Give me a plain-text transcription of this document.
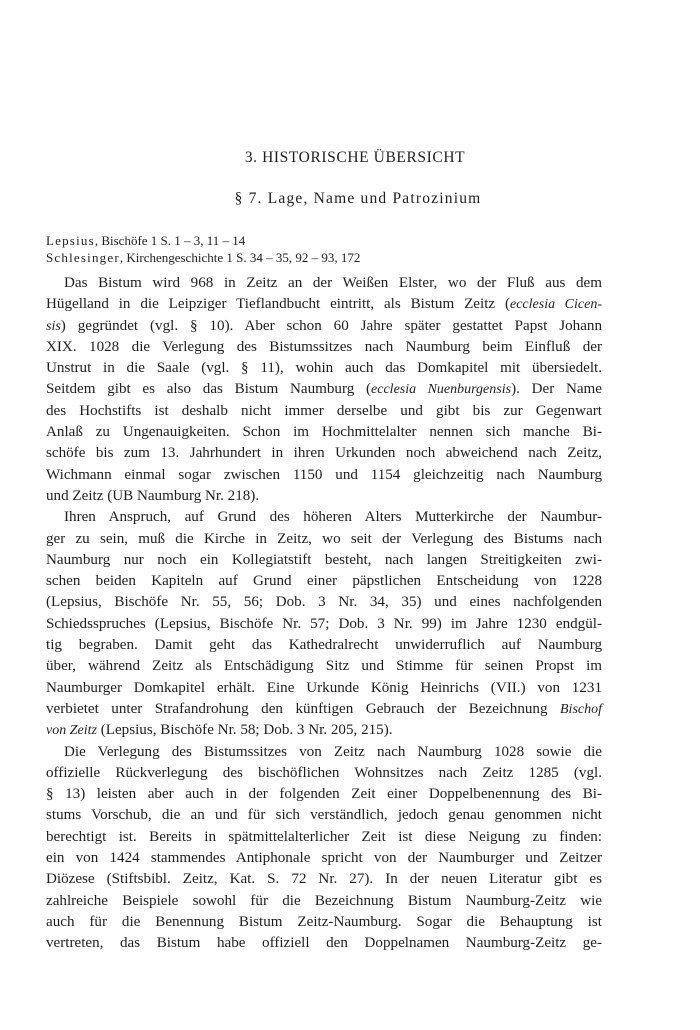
3. HISTORISCHE ÜBERSICHT
§ 7. Lage, Name und Patrozinium
Lepsius, Bischöfe 1 S. 1 – 3, 11 – 14
Schlesinger, Kirchengeschichte 1 S. 34 – 35, 92 – 93, 172
Das Bistum wird 968 in Zeitz an der Weißen Elster, wo der Fluß aus dem
Hügelland in die Leipziger Tieflandbucht eintritt, als Bistum Zeitz (ecclesia Cicen-
sis) gegründet (vgl. § 10). Aber schon 60 Jahre später gestattet Papst Johann
XIX. 1028 die Verlegung des Bistumssitzes nach Naumburg beim Einfluß der
Unstrut in die Saale (vgl. § 11), wohin auch das Domkapitel mit übersiedelt.
Seitdem gibt es also das Bistum Naumburg (ecclesia Nuenburgensis). Der Name
des Hochstifts ist deshalb nicht immer derselbe und gibt bis zur Gegenwart
Anlaß zu Ungenauigkeiten. Schon im Hochmittelalter nennen sich manche Bi-
schöfe bis zum 13. Jahrhundert in ihren Urkunden noch abweichend nach Zeitz,
Wichmann einmal sogar zwischen 1150 und 1154 gleichzeitig nach Naumburg
und Zeitz (UB Naumburg Nr. 218).
Ihren Anspruch, auf Grund des höheren Alters Mutterkirche der Naumbur-
ger zu sein, muß die Kirche in Zeitz, wo seit der Verlegung des Bistums nach
Naumburg nur noch ein Kollegiatstift besteht, nach langen Streitigkeiten zwi-
schen beiden Kapiteln auf Grund einer päpstlichen Entscheidung von 1228
(Lepsius, Bischöfe Nr. 55, 56; Dob. 3 Nr. 34, 35) und eines nachfolgenden
Schiedsspruches (Lepsius, Bischöfe Nr. 57; Dob. 3 Nr. 99) im Jahre 1230 endgül-
tig begraben. Damit geht das Kathedralrecht unwiderruflich auf Naumburg
über, während Zeitz als Entschädigung Sitz und Stimme für seinen Propst im
Naumburger Domkapitel erhält. Eine Urkunde König Heinrichs (VII.) von 1231
verbietet unter Strafandrohung den künftigen Gebrauch der Bezeichnung Bischof
von Zeitz (Lepsius, Bischöfe Nr. 58; Dob. 3 Nr. 205, 215).
Die Verlegung des Bistumssitzes von Zeitz nach Naumburg 1028 sowie die
offizielle Rückverlegung des bischöflichen Wohnsitzes nach Zeitz 1285 (vgl.
§ 13) leisten aber auch in der folgenden Zeit einer Doppelbenennung des Bi-
stums Vorschub, die an und für sich verständlich, jedoch genau genommen nicht
berechtigt ist. Bereits in spätmittelalterlicher Zeit ist diese Neigung zu finden:
ein von 1424 stammendes Antiphonale spricht von der Naumburger und Zeitzer
Diözese (Stiftsbibl. Zeitz, Kat. S. 72 Nr. 27). In der neuen Literatur gibt es
zahlreiche Beispiele sowohl für die Bezeichnung Bistum Naumburg-Zeitz wie
auch für die Benennung Bistum Zeitz-Naumburg. Sogar die Behauptung ist
vertreten, das Bistum habe offiziell den Doppelnamen Naumburg-Zeitz ge-
